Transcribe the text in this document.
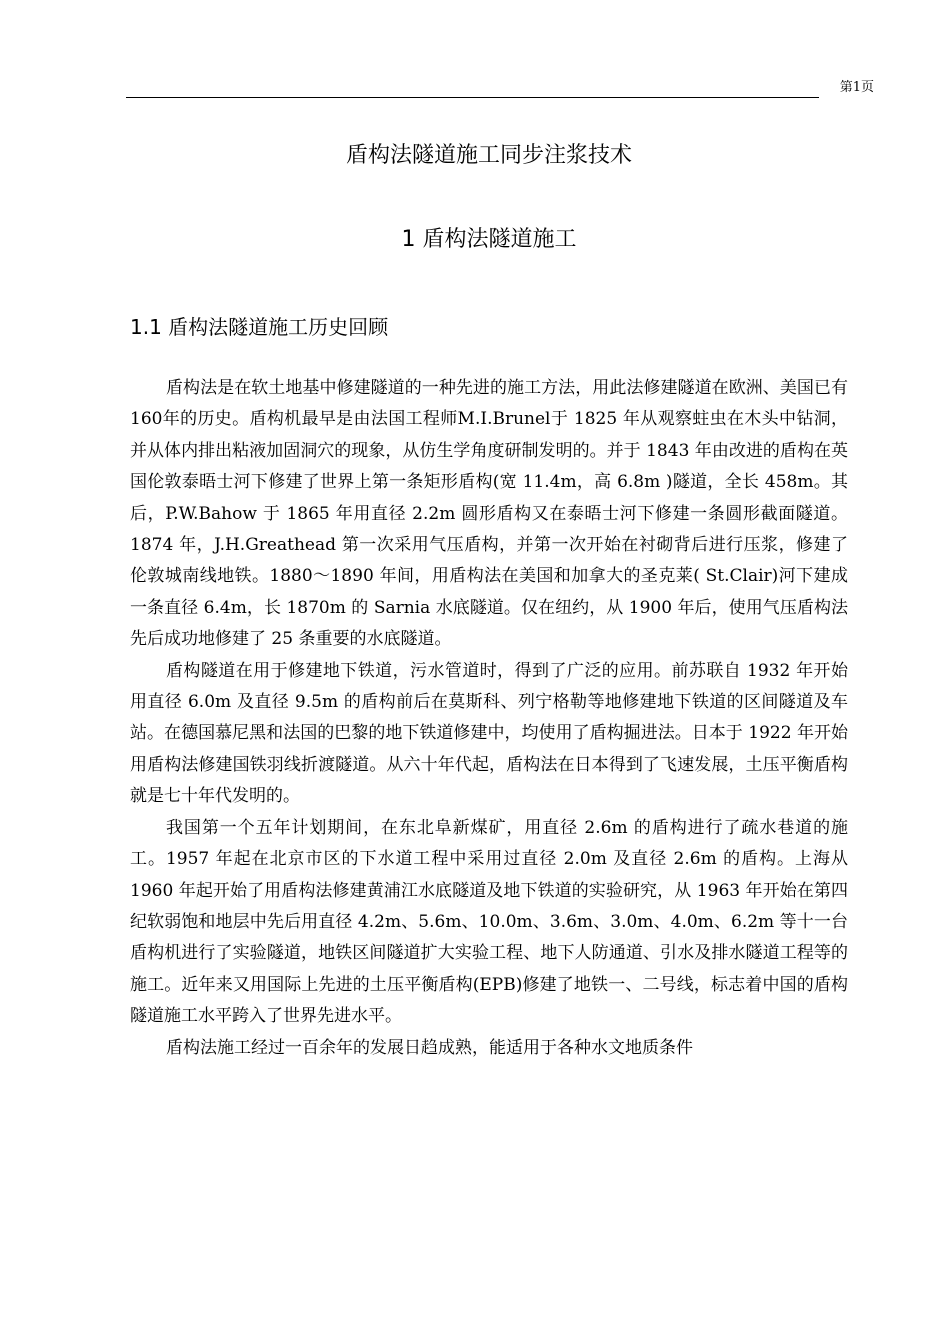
第1页
盾构法隧道施工同步注浆技术
1 盾构法隧道施工
1.1 盾构法隧道施工历史回顾

盾构法是在软土地基中修建隧道的一种先进的施工方法，用此法修建隧道在欧洲、美国已有160年的历史。盾构机最早是由法国工程师M.I.Brunel于 1825 年从观察蛀虫在木头中钻洞，并从体内排出粘液加固洞穴的现象，从仿生学角度研制发明的。并于 1843 年由改进的盾构在英国伦敦泰晤士河下修建了世界上第一条矩形盾构(宽 11.4m，高 6.8m )隧道，全长 458m。其后，P.W.Bahow 于 1865 年用直径 2.2m 圆形盾构又在泰晤士河下修建一条圆形截面隧道。1874 年，J.H.Greathead 第一次采用气压盾构，并第一次开始在衬砌背后进行压浆，修建了伦敦城南线地铁。1880～1890 年间，用盾构法在美国和加拿大的圣克莱( St.Clair)河下建成一条直径 6.4m，长 1870m 的 Sarnia 水底隧道。仅在纽约，从 1900 年后，使用气压盾构法先后成功地修建了 25 条重要的水底隧道。

盾构隧道在用于修建地下铁道，污水管道时，得到了广泛的应用。前苏联自 1932 年开始用直径 6.0m 及直径 9.5m 的盾构前后在莫斯科、列宁格勒等地修建地下铁道的区间隧道及车站。在德国慕尼黑和法国的巴黎的地下铁道修建中，均使用了盾构掘进法。日本于 1922 年开始用盾构法修建国铁羽线折渡隧道。从六十年代起，盾构法在日本得到了飞速发展，土压平衡盾构就是七十年代发明的。

我国第一个五年计划期间，在东北阜新煤矿，用直径 2.6m 的盾构进行了疏水巷道的施工。1957 年起在北京市区的下水道工程中采用过直径 2.0m 及直径 2.6m 的盾构。上海从 1960 年起开始了用盾构法修建黄浦江水底隧道及地下铁道的实验研究，从 1963 年开始在第四纪软弱饱和地层中先后用直径 4.2m、5.6m、10.0m、3.6m、3.0m、4.0m、6.2m 等十一台盾构机进行了实验隧道，地铁区间隧道扩大实验工程、地下人防通道、引水及排水隧道工程等的施工。近年来又用国际上先进的土压平衡盾构(EPB)修建了地铁一、二号线，标志着中国的盾构隧道施工水平跨入了世界先进水平。

盾构法施工经过一百余年的发展日趋成熟，能适用于各种水文地质条件
